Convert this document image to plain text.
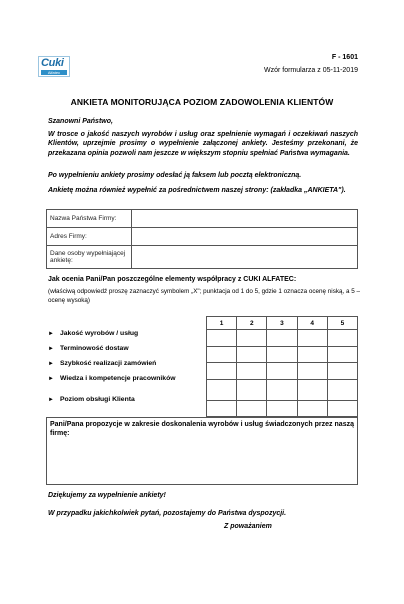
Cuki
Alfatec
F - 1601
Wzór formularza z 05-11-2019
ANKIETA MONITORUJĄCA POZIOM ZADOWOLENIA KLIENTÓW
Szanowni Państwo,
W trosce o jakość naszych wyrobów i usług oraz spełnienie wymagań i oczekiwań naszych Klientów, uprzejmie prosimy o wypełnienie załączonej ankiety. Jesteśmy przekonani, że przekazana opinia pozwoli nam jeszcze w większym stopniu spełniać Państwa wymagania.
Po wypełnieniu ankiety prosimy odesłać ją faksem lub pocztą elektroniczną.
Ankietę można również wypełnić za pośrednictwem naszej strony: (zakładka „ANKIETA").
Nazwa Państwa Firmy:	
Adres Firmy:	
Dane osoby wypełniającej ankietę:	
Jak ocenia Pani/Pan poszczególne elementy współpracy z CUKI ALFATEC:
(właściwą odpowiedź proszę zaznaczyć symbolem „X"; punktacja od 1 do 5, gdzie 1 oznacza ocenę niską, a 5 – ocenę wysoką)
► Jakość wyrobów / usług
► Terminowość dostaw
► Szybkość realizacji zamówień
► Wiedza i kompetencje pracowników
► Poziom obsługi Klienta
1	2	3	4	5

Pani/Pana propozycje w zakresie doskonalenia wyrobów i usług świadczonych przez naszą firmę:
Dziękujemy za wypełnienie ankiety!
W przypadku jakichkolwiek pytań, pozostajemy do Państwa dyspozycji.
Z poważaniem
